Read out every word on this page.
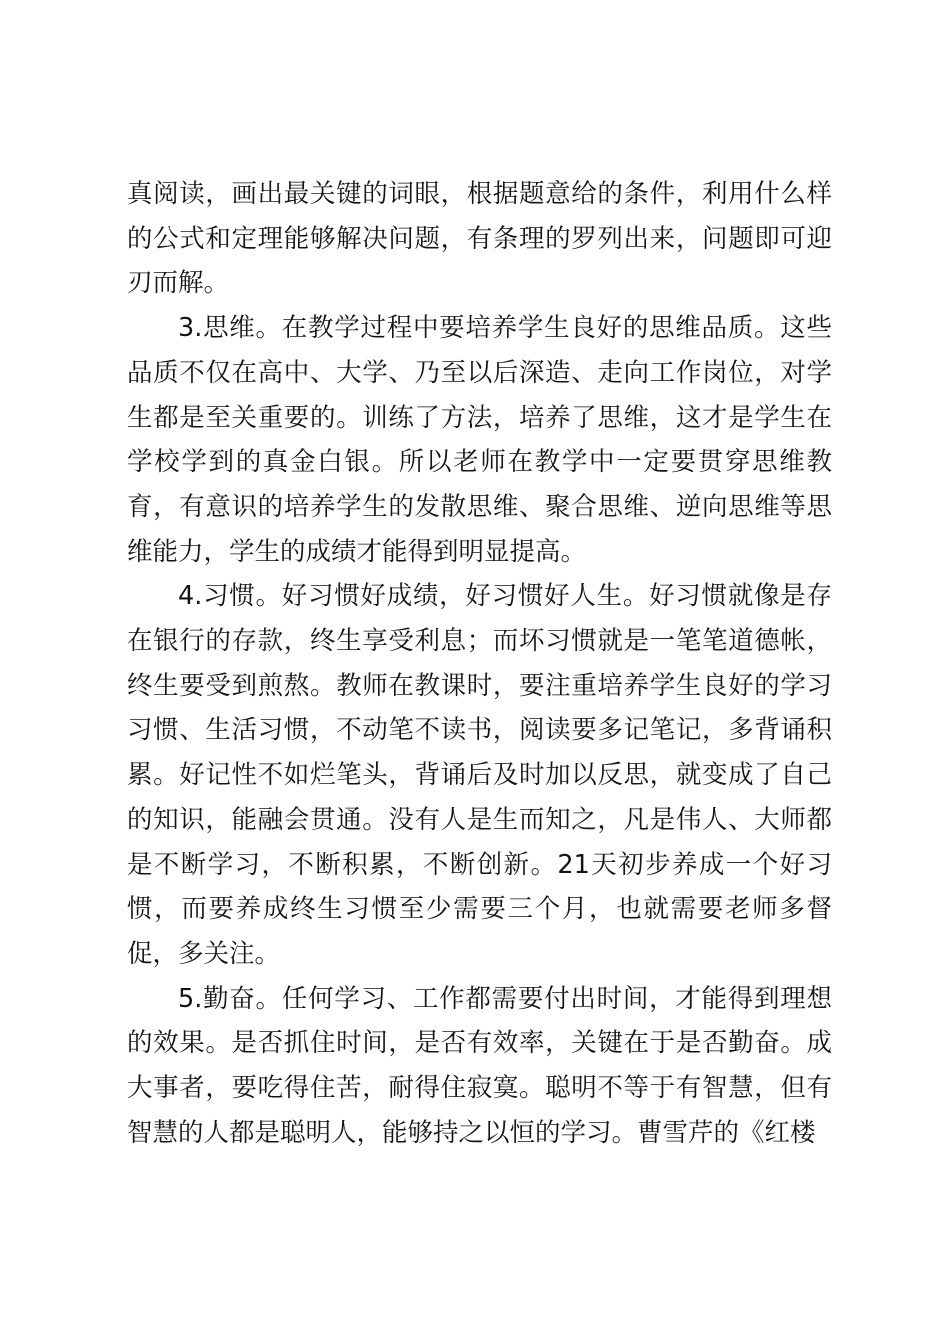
真阅读，画出最关键的词眼，根据题意给的条件，利用什么样的公式和定理能够解决问题，有条理的罗列出来，问题即可迎刃而解。

3.思维。在教学过程中要培养学生良好的思维品质。这些品质不仅在高中、大学、乃至以后深造、走向工作岗位，对学生都是至关重要的。训练了方法，培养了思维，这才是学生在学校学到的真金白银。所以老师在教学中一定要贯穿思维教育，有意识的培养学生的发散思维、聚合思维、逆向思维等思维能力，学生的成绩才能得到明显提高。

4.习惯。好习惯好成绩，好习惯好人生。好习惯就像是存在银行的存款，终生享受利息；而坏习惯就是一笔笔道德帐，终生要受到煎熬。教师在教课时，要注重培养学生良好的学习习惯、生活习惯，不动笔不读书，阅读要多记笔记，多背诵积累。好记性不如烂笔头，背诵后及时加以反思，就变成了自己的知识，能融会贯通。没有人是生而知之，凡是伟人、大师都是不断学习，不断积累，不断创新。21天初步养成一个好习惯，而要养成终生习惯至少需要三个月，也就需要老师多督促，多关注。

5.勤奋。任何学习、工作都需要付出时间，才能得到理想的效果。是否抓住时间，是否有效率，关键在于是否勤奋。成大事者，要吃得住苦，耐得住寂寞。聪明不等于有智慧，但有智慧的人都是聪明人，能够持之以恒的学习。曹雪芹的《红楼
